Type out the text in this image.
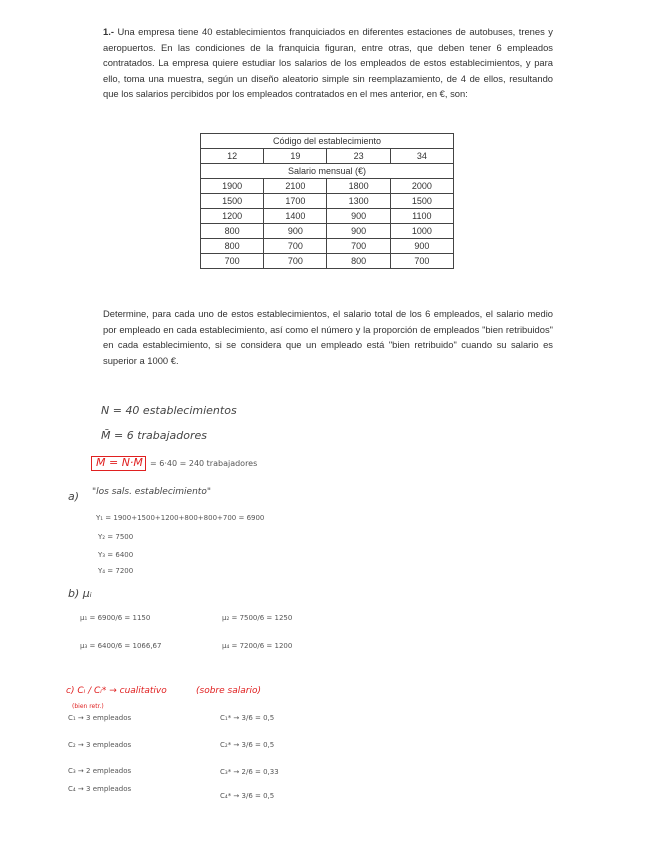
1.- Una empresa tiene 40 establecimientos franquiciados en diferentes estaciones de autobuses, trenes y aeropuertos. En las condiciones de la franquicia figuran, entre otras, que deben tener 6 empleados contratados. La empresa quiere estudiar los salarios de los empleados de estos establecimientos, y para ello, toma una muestra, según un diseño aleatorio simple sin reemplazamiento, de 4 de ellos, resultando que los salarios percibidos por los empleados contratados en el mes anterior, en €, son:
Código del establecimiento			
12	19	23	34
Salario mensual (€)			
1900	2100	1800	2000
1500	1700	1300	1500
1200	1400	900	1100
800	900	900	1000
800	700	700	900
700	700	800	700
Determine, para cada uno de estos establecimientos, el salario total de los 6 empleados, el salario medio por empleado en cada establecimiento, así como el número y la proporción de empleados "bien retribuidos" en cada establecimiento, si se considera que un empleado está "bien retribuido" cuando su salario es superior a 1000 €.
N = 40 establecimientos
M̄ = 6 trabajadores
M = N·M̄ = 6·40 = 240 trabajadores
a) "los sals. establecimiento"
Y₁ = 1900+1500+1200+800+800+700 = 6900
Y₂ = 7500
Y₃ = 6400
Y₄ = 7200
b) μᵢ
μ₁ = 6900/6 = 1150	μ₂ = 7500/6 = 1250
μ₃ = 6400/6 = 1066,67	μ₄ = 7200/6 = 1200
c) Cᵢ / Cᵢ* → cualitativo	(sobre salario)
(bien retr.)
C₁ → 3 empleados
C₂ → 3 empleados
C₃ → 2 empleados
C₄ → 3 empleados
C₁* → 3/6 = 0,5
C₂* → 3/6 = 0,5
C₃* → 2/6 = 0,33
C₄* → 3/6 = 0,5
